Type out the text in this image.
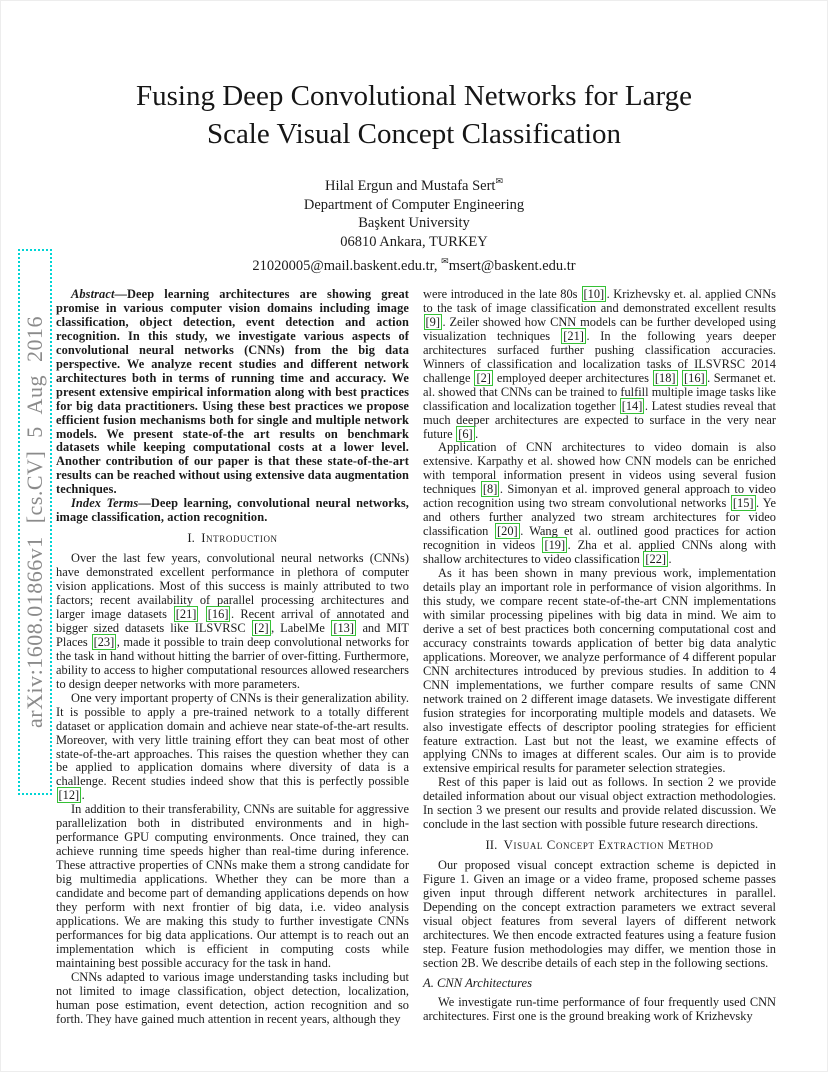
arXiv:1608.01866v1 [cs.CV] 5 Aug 2016
Fusing Deep Convolutional Networks for Large
Scale Visual Concept Classification
Hilal Ergun and Mustafa Sert✉
Department of Computer Engineering
Başkent University
06810 Ankara, TURKEY
21020005@mail.baskent.edu.tr, ✉msert@baskent.edu.tr

Abstract—Deep learning architectures are showing great promise in various computer vision domains including image classification, object detection, event detection and action recognition. In this study, we investigate various aspects of convolutional neural networks (CNNs) from the big data perspective. We analyze recent studies and different network architectures both in terms of running time and accuracy. We present extensive empirical information along with best practices for big data practitioners. Using these best practices we propose efficient fusion mechanisms both for single and multiple network models. We present state-of-the art results on benchmark datasets while keeping computational costs at a lower level. Another contribution of our paper is that these state-of-the-art results can be reached without using extensive data augmentation techniques.

Index Terms—Deep learning, convolutional neural networks, image classification, action recognition.

I. Introduction

Over the last few years, convolutional neural networks (CNNs) have demonstrated excellent performance in plethora of computer vision applications. Most of this success is mainly attributed to two factors; recent availability of parallel processing architectures and larger image datasets [21] [16] . Recent arrival of annotated and bigger sized datasets like ILSVRSC [2] , LabelMe [13] and MIT Places [23] , made it possible to train deep convolutional networks for the task in hand without hitting the barrier of over-fitting. Furthermore, ability to access to higher computational resources allowed researchers to design deeper networks with more parameters.

One very important property of CNNs is their generalization ability. It is possible to apply a pre-trained network to a totally different dataset or application domain and achieve near state-of-the-art results. Moreover, with very little training effort they can beat most of other state-of-the-art approaches. This raises the question whether they can be applied to application domains where diversity of data is a challenge. Recent studies indeed show that this is perfectly possible [12] .

In addition to their transferability, CNNs are suitable for aggressive parallelization both in distributed environments and in high-performance GPU computing environments. Once trained, they can achieve running time speeds higher than real-time during inference. These attractive properties of CNNs make them a strong candidate for big multimedia applications. Whether they can be more than a candidate and become part of demanding applications depends on how they perform with next frontier of big data, i.e. video analysis applications. We are making this study to further investigate CNNs performances for big data applications. Our attempt is to reach out an implementation which is efficient in computing costs while maintaining best possible accuracy for the task in hand.

CNNs adapted to various image understanding tasks including but not limited to image classification, object detection, localization, human pose estimation, event detection, action recognition and so forth. They have gained much attention in recent years, although they

were introduced in the late 80s [10] . Krizhevsky et. al. applied CNNs to the task of image classification and demonstrated excellent results [9] . Zeiler showed how CNN models can be further developed using visualization techniques [21] . In the following years deeper architectures surfaced further pushing classification accuracies. Winners of classification and localization tasks of ILSVRSC 2014 challenge [2] employed deeper architectures [18] [16] . Sermanet et. al. showed that CNNs can be trained to fulfill multiple image tasks like classification and localization together [14] . Latest studies reveal that much deeper architectures are expected to surface in the very near future [6] .

Application of CNN architectures to video domain is also extensive. Karpathy et al. showed how CNN models can be enriched with temporal information present in videos using several fusion techniques [8] . Simonyan et al. improved general approach to video action recognition using two stream convolutional networks [15] . Ye and others further analyzed two stream architectures for video classification [20] . Wang et al. outlined good practices for action recognition in videos [19] . Zha et al. applied CNNs along with shallow architectures to video classification [22] .

As it has been shown in many previous work, implementation details play an important role in performance of vision algorithms. In this study, we compare recent state-of-the-art CNN implementations with similar processing pipelines with big data in mind. We aim to derive a set of best practices both concerning computational cost and accuracy constraints towards application of better big data analytic applications. Moreover, we analyze performance of 4 different popular CNN architectures introduced by previous studies. In addition to 4 CNN implementations, we further compare results of same CNN network trained on 2 different image datasets. We investigate different fusion strategies for incorporating multiple models and datasets. We also investigate effects of descriptor pooling strategies for efficient feature extraction. Last but not the least, we examine effects of applying CNNs to images at different scales. Our aim is to provide extensive empirical results for parameter selection strategies.

Rest of this paper is laid out as follows. In section 2 we provide detailed information about our visual object extraction methodologies. In section 3 we present our results and provide related discussion. We conclude in the last section with possible future research directions.

II. Visual Concept Extraction Method

Our proposed visual concept extraction scheme is depicted in Figure 1. Given an image or a video frame, proposed scheme passes given input through different network architectures in parallel. Depending on the concept extraction parameters we extract several visual object features from several layers of different network architectures. We then encode extracted features using a feature fusion step. Feature fusion methodologies may differ, we mention those in section 2B. We describe details of each step in the following sections.

A. CNN Architectures

We investigate run-time performance of four frequently used CNN architectures. First one is the ground breaking work of Krizhevsky
